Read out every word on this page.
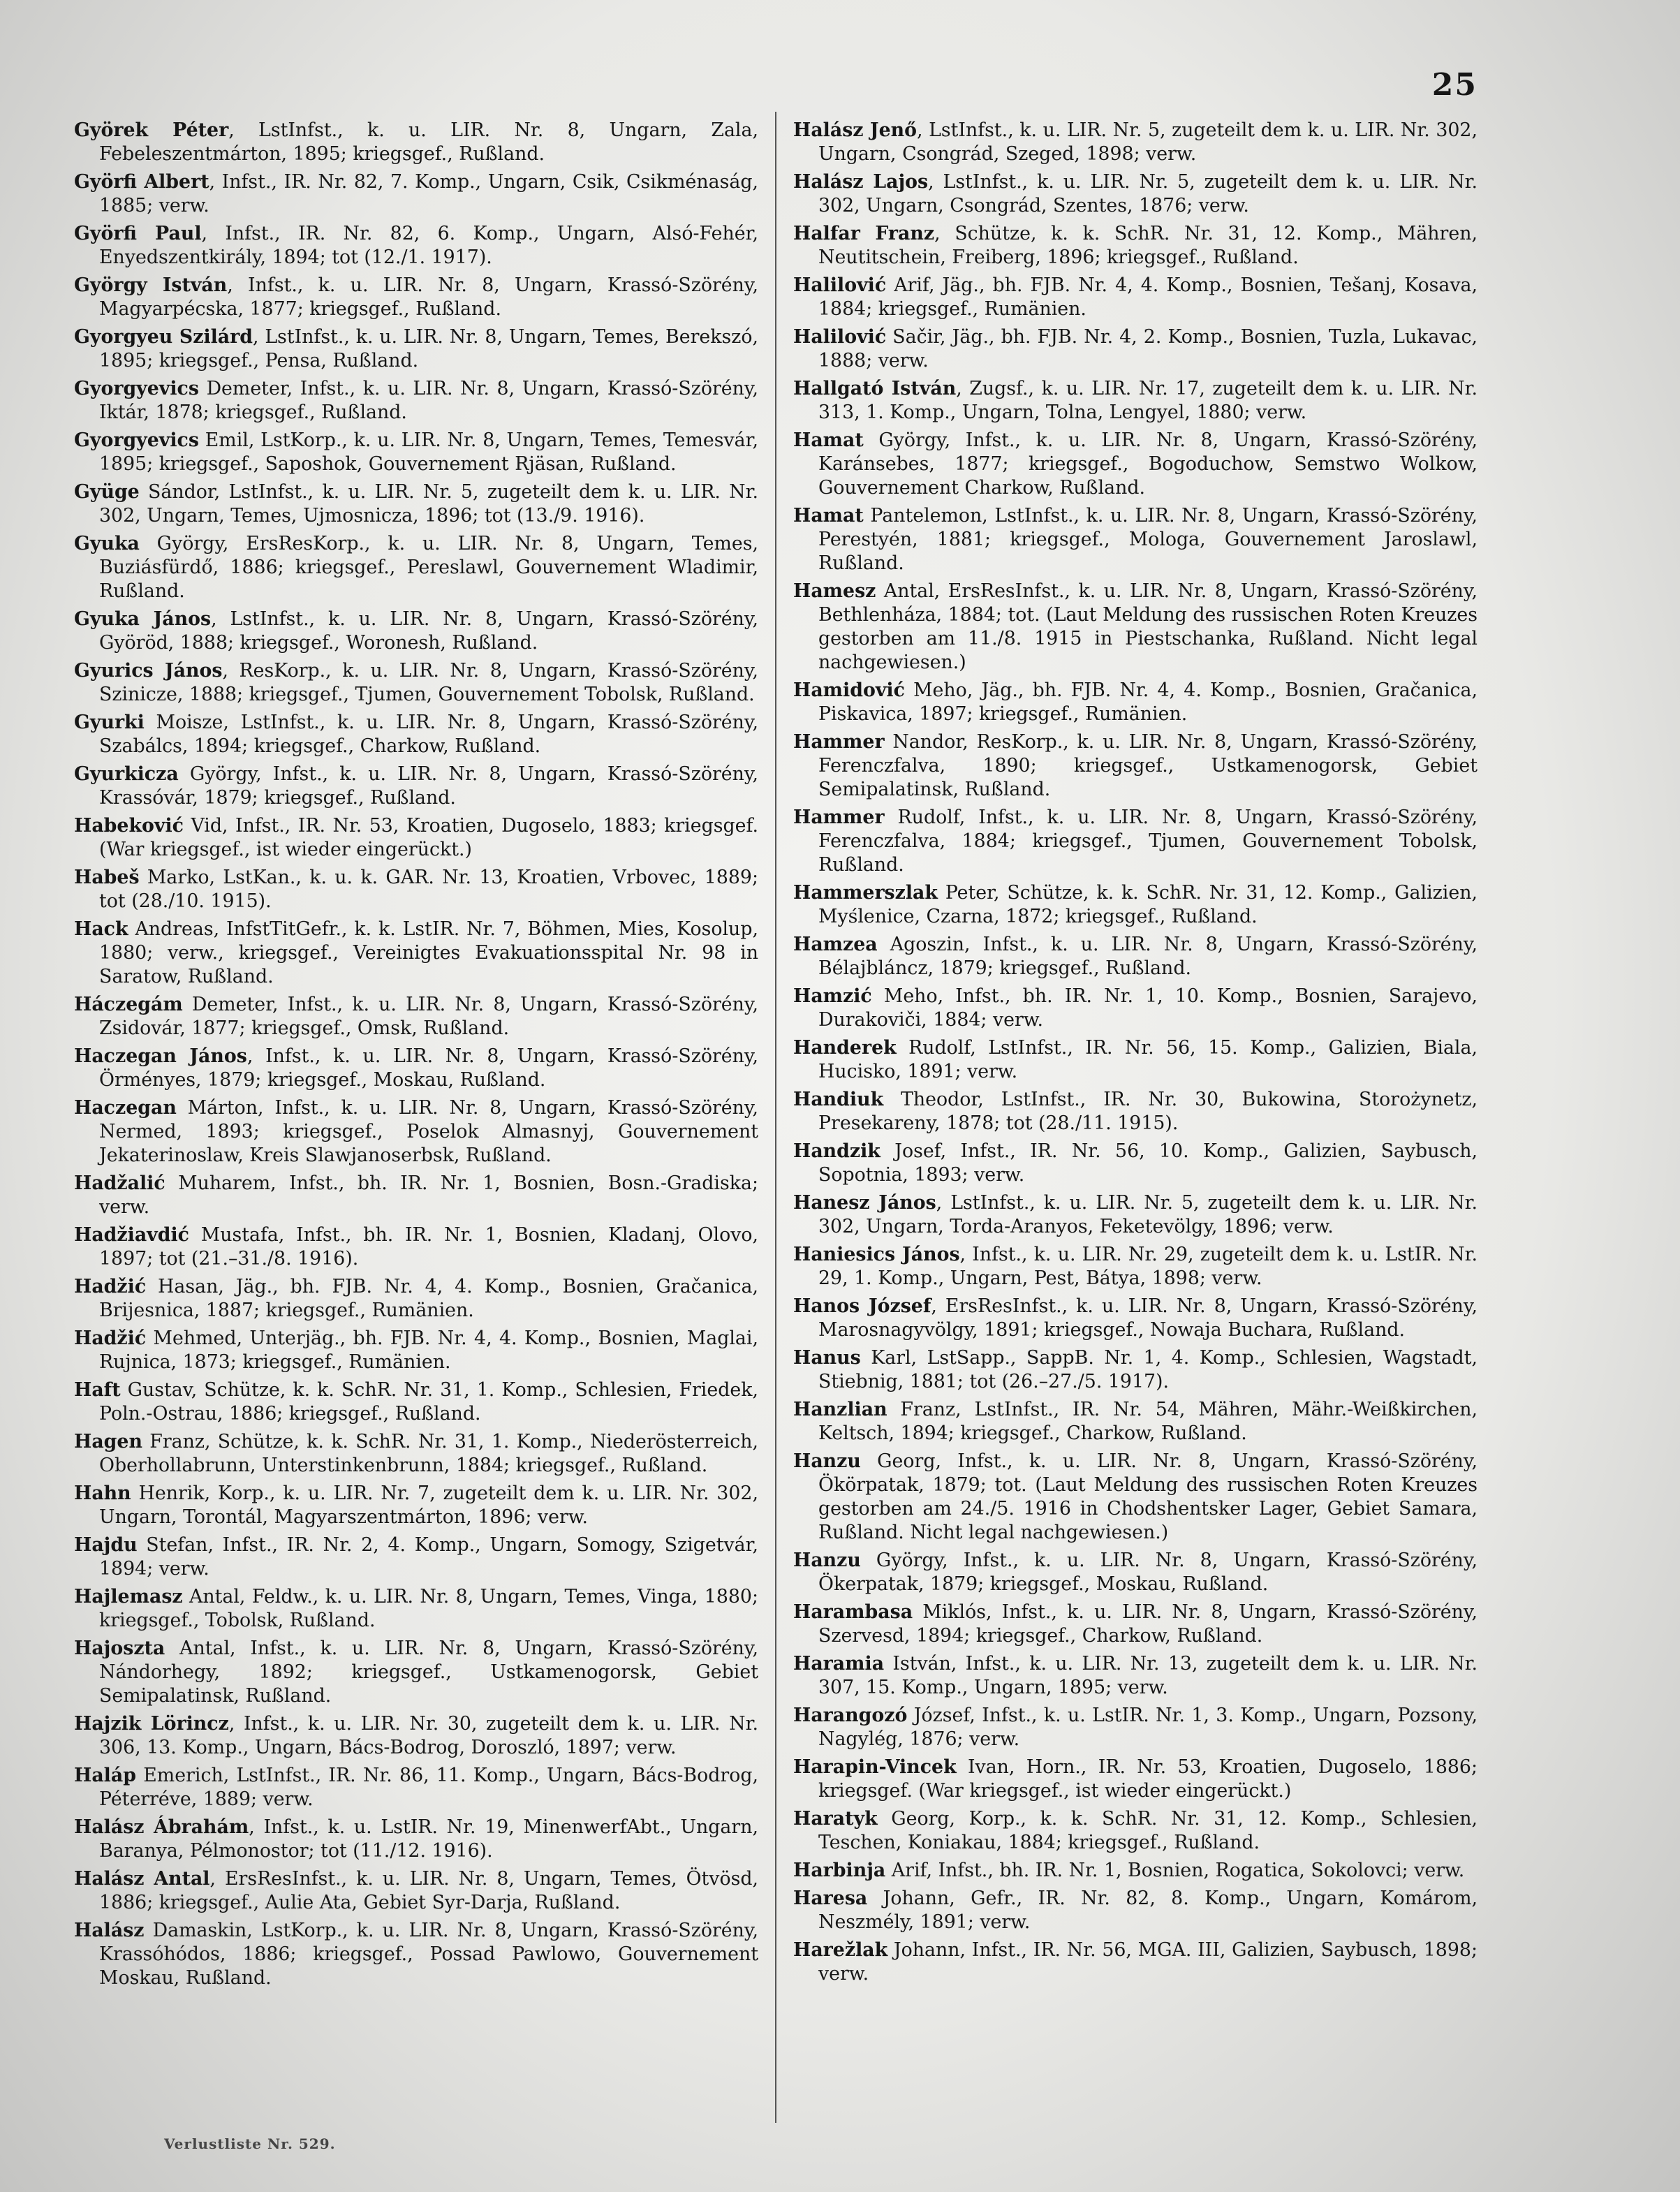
25

Györek Péter, LstInfst., k. u. LIR. Nr. 8, Ungarn, Zala, Febeleszentmárton, 1895; kriegsgef., Rußland.

Györfi Albert, Infst., IR. Nr. 82, 7. Komp., Ungarn, Csik, Csikménaság, 1885; verw.

Györfi Paul, Infst., IR. Nr. 82, 6. Komp., Ungarn, Alsó-Fehér, Enyedszentkirály, 1894; tot (12./1. 1917).

György István, Infst., k. u. LIR. Nr. 8, Ungarn, Krassó-Szörény, Magyarpécska, 1877; kriegsgef., Rußland.

Gyorgyeu Szilárd, LstInfst., k. u. LIR. Nr. 8, Ungarn, Temes, Berekszó, 1895; kriegsgef., Pensa, Rußland.

Gyorgyevics Demeter, Infst., k. u. LIR. Nr. 8, Ungarn, Krassó-Szörény, Iktár, 1878; kriegsgef., Rußland.

Gyorgyevics Emil, LstKorp., k. u. LIR. Nr. 8, Ungarn, Temes, Temesvár, 1895; kriegsgef., Saposhok, Gouvernement Rjäsan, Rußland.

Gyüge Sándor, LstInfst., k. u. LIR. Nr. 5, zugeteilt dem k. u. LIR. Nr. 302, Ungarn, Temes, Ujmosnicza, 1896; tot (13./9. 1916).

Gyuka György, ErsResKorp., k. u. LIR. Nr. 8, Ungarn, Temes, Buziásfürdő, 1886; kriegsgef., Pereslawl, Gouvernement Wladimir, Rußland.

Gyuka János, LstInfst., k. u. LIR. Nr. 8, Ungarn, Krassó-Szörény, Györöd, 1888; kriegsgef., Woronesh, Rußland.

Gyurics János, ResKorp., k. u. LIR. Nr. 8, Ungarn, Krassó-Szörény, Szinicze, 1888; kriegsgef., Tjumen, Gouvernement Tobolsk, Rußland.

Gyurki Moisze, LstInfst., k. u. LIR. Nr. 8, Ungarn, Krassó-Szörény, Szabálcs, 1894; kriegsgef., Charkow, Rußland.

Gyurkicza György, Infst., k. u. LIR. Nr. 8, Ungarn, Krassó-Szörény, Krassóvár, 1879; kriegsgef., Rußland.

Habeković Vid, Infst., IR. Nr. 53, Kroatien, Dugoselo, 1883; kriegsgef. (War kriegsgef., ist wieder eingerückt.)

Habeš Marko, LstKan., k. u. k. GAR. Nr. 13, Kroatien, Vrbovec, 1889; tot (28./10. 1915).

Hack Andreas, InfstTitGefr., k. k. LstIR. Nr. 7, Böhmen, Mies, Kosolup, 1880; verw., kriegsgef., Vereinigtes Evakuationsspital Nr. 98 in Saratow, Rußland.

Háczegám Demeter, Infst., k. u. LIR. Nr. 8, Ungarn, Krassó-Szörény, Zsidovár, 1877; kriegsgef., Omsk, Rußland.

Haczegan János, Infst., k. u. LIR. Nr. 8, Ungarn, Krassó-Szörény, Örményes, 1879; kriegsgef., Moskau, Rußland.

Haczegan Márton, Infst., k. u. LIR. Nr. 8, Ungarn, Krassó-Szörény, Nermed, 1893; kriegsgef., Poselok Almasnyj, Gouvernement Jekaterinoslaw, Kreis Slawjanoserbsk, Rußland.

Hadžalić Muharem, Infst., bh. IR. Nr. 1, Bosnien, Bosn.-Gradiska; verw.

Hadžiavdić Mustafa, Infst., bh. IR. Nr. 1, Bosnien, Kladanj, Olovo, 1897; tot (21.–31./8. 1916).

Hadžić Hasan, Jäg., bh. FJB. Nr. 4, 4. Komp., Bosnien, Gračanica, Brijesnica, 1887; kriegsgef., Rumänien.

Hadžić Mehmed, Unterjäg., bh. FJB. Nr. 4, 4. Komp., Bosnien, Maglai, Rujnica, 1873; kriegsgef., Rumänien.

Haft Gustav, Schütze, k. k. SchR. Nr. 31, 1. Komp., Schlesien, Friedek, Poln.-Ostrau, 1886; kriegsgef., Rußland.

Hagen Franz, Schütze, k. k. SchR. Nr. 31, 1. Komp., Niederösterreich, Oberhollabrunn, Unterstinkenbrunn, 1884; kriegsgef., Rußland.

Hahn Henrik, Korp., k. u. LIR. Nr. 7, zugeteilt dem k. u. LIR. Nr. 302, Ungarn, Torontál, Magyarszentmárton, 1896; verw.

Hajdu Stefan, Infst., IR. Nr. 2, 4. Komp., Ungarn, Somogy, Szigetvár, 1894; verw.

Hajlemasz Antal, Feldw., k. u. LIR. Nr. 8, Ungarn, Temes, Vinga, 1880; kriegsgef., Tobolsk, Rußland.

Hajoszta Antal, Infst., k. u. LIR. Nr. 8, Ungarn, Krassó-Szörény, Nándorhegy, 1892; kriegsgef., Ustkamenogorsk, Gebiet Semipalatinsk, Rußland.

Hajzik Lörincz, Infst., k. u. LIR. Nr. 30, zugeteilt dem k. u. LIR. Nr. 306, 13. Komp., Ungarn, Bács-Bodrog, Doroszló, 1897; verw.

Haláp Emerich, LstInfst., IR. Nr. 86, 11. Komp., Ungarn, Bács-Bodrog, Péterréve, 1889; verw.

Halász Ábrahám, Infst., k. u. LstIR. Nr. 19, MinenwerfAbt., Ungarn, Baranya, Pélmonostor; tot (11./12. 1916).

Halász Antal, ErsResInfst., k. u. LIR. Nr. 8, Ungarn, Temes, Ötvösd, 1886; kriegsgef., Aulie Ata, Gebiet Syr-Darja, Rußland.

Halász Damaskin, LstKorp., k. u. LIR. Nr. 8, Ungarn, Krassó-Szörény, Krassóhódos, 1886; kriegsgef., Possad Pawlowo, Gouvernement Moskau, Rußland.

Halász Jenő, LstInfst., k. u. LIR. Nr. 5, zugeteilt dem k. u. LIR. Nr. 302, Ungarn, Csongrád, Szeged, 1898; verw.

Halász Lajos, LstInfst., k. u. LIR. Nr. 5, zugeteilt dem k. u. LIR. Nr. 302, Ungarn, Csongrád, Szentes, 1876; verw.

Halfar Franz, Schütze, k. k. SchR. Nr. 31, 12. Komp., Mähren, Neutitschein, Freiberg, 1896; kriegsgef., Rußland.

Halilović Arif, Jäg., bh. FJB. Nr. 4, 4. Komp., Bosnien, Tešanj, Kosava, 1884; kriegsgef., Rumänien.

Halilović Sačir, Jäg., bh. FJB. Nr. 4, 2. Komp., Bosnien, Tuzla, Lukavac, 1888; verw.

Hallgató István, Zugsf., k. u. LIR. Nr. 17, zugeteilt dem k. u. LIR. Nr. 313, 1. Komp., Ungarn, Tolna, Lengyel, 1880; verw.

Hamat György, Infst., k. u. LIR. Nr. 8, Ungarn, Krassó-Szörény, Karánsebes, 1877; kriegsgef., Bogoduchow, Semstwo Wolkow, Gouvernement Charkow, Rußland.

Hamat Pantelemon, LstInfst., k. u. LIR. Nr. 8, Ungarn, Krassó-Szörény, Perestyén, 1881; kriegsgef., Mologa, Gouvernement Jaroslawl, Rußland.

Hamesz Antal, ErsResInfst., k. u. LIR. Nr. 8, Ungarn, Krassó-Szörény, Bethlenháza, 1884; tot. (Laut Meldung des russischen Roten Kreuzes gestorben am 11./8. 1915 in Piestschanka, Rußland. Nicht legal nachgewiesen.)

Hamidović Meho, Jäg., bh. FJB. Nr. 4, 4. Komp., Bosnien, Gračanica, Piskavica, 1897; kriegsgef., Rumänien.

Hammer Nandor, ResKorp., k. u. LIR. Nr. 8, Ungarn, Krassó-Szörény, Ferenczfalva, 1890; kriegsgef., Ustkamenogorsk, Gebiet Semipalatinsk, Rußland.

Hammer Rudolf, Infst., k. u. LIR. Nr. 8, Ungarn, Krassó-Szörény, Ferenczfalva, 1884; kriegsgef., Tjumen, Gouvernement Tobolsk, Rußland.

Hammerszlak Peter, Schütze, k. k. SchR. Nr. 31, 12. Komp., Galizien, Myślenice, Czarna, 1872; kriegsgef., Rußland.

Hamzea Agoszin, Infst., k. u. LIR. Nr. 8, Ungarn, Krassó-Szörény, Bélajbláncz, 1879; kriegsgef., Rußland.

Hamzić Meho, Infst., bh. IR. Nr. 1, 10. Komp., Bosnien, Sarajevo, Durakoviči, 1884; verw.

Handerek Rudolf, LstInfst., IR. Nr. 56, 15. Komp., Galizien, Biala, Hucisko, 1891; verw.

Handiuk Theodor, LstInfst., IR. Nr. 30, Bukowina, Storożynetz, Presekareny, 1878; tot (28./11. 1915).

Handzik Josef, Infst., IR. Nr. 56, 10. Komp., Galizien, Saybusch, Sopotnia, 1893; verw.

Hanesz János, LstInfst., k. u. LIR. Nr. 5, zugeteilt dem k. u. LIR. Nr. 302, Ungarn, Torda-Aranyos, Feketevölgy, 1896; verw.

Haniesics János, Infst., k. u. LIR. Nr. 29, zugeteilt dem k. u. LstIR. Nr. 29, 1. Komp., Ungarn, Pest, Bátya, 1898; verw.

Hanos József, ErsResInfst., k. u. LIR. Nr. 8, Ungarn, Krassó-Szörény, Marosnagyvölgy, 1891; kriegsgef., Nowaja Buchara, Rußland.

Hanus Karl, LstSapp., SappB. Nr. 1, 4. Komp., Schlesien, Wagstadt, Stiebnig, 1881; tot (26.–27./5. 1917).

Hanzlian Franz, LstInfst., IR. Nr. 54, Mähren, Mähr.-Weißkirchen, Keltsch, 1894; kriegsgef., Charkow, Rußland.

Hanzu Georg, Infst., k. u. LIR. Nr. 8, Ungarn, Krassó-Szörény, Ökörpatak, 1879; tot. (Laut Meldung des russischen Roten Kreuzes gestorben am 24./5. 1916 in Chodshentsker Lager, Gebiet Samara, Rußland. Nicht legal nachgewiesen.)

Hanzu György, Infst., k. u. LIR. Nr. 8, Ungarn, Krassó-Szörény, Ökerpatak, 1879; kriegsgef., Moskau, Rußland.

Harambasa Miklós, Infst., k. u. LIR. Nr. 8, Ungarn, Krassó-Szörény, Szervesd, 1894; kriegsgef., Charkow, Rußland.

Haramia István, Infst., k. u. LIR. Nr. 13, zugeteilt dem k. u. LIR. Nr. 307, 15. Komp., Ungarn, 1895; verw.

Harangozó József, Infst., k. u. LstIR. Nr. 1, 3. Komp., Ungarn, Pozsony, Nagylég, 1876; verw.

Harapin-Vincek Ivan, Horn., IR. Nr. 53, Kroatien, Dugoselo, 1886; kriegsgef. (War kriegsgef., ist wieder eingerückt.)

Haratyk Georg, Korp., k. k. SchR. Nr. 31, 12. Komp., Schlesien, Teschen, Koniakau, 1884; kriegsgef., Rußland.

Harbinja Arif, Infst., bh. IR. Nr. 1, Bosnien, Rogatica, Sokolovci; verw.

Haresa Johann, Gefr., IR. Nr. 82, 8. Komp., Ungarn, Komárom, Neszmély, 1891; verw.

Harežlak Johann, Infst., IR. Nr. 56, MGA. III, Galizien, Saybusch, 1898; verw.

Verlustliste Nr. 529.
